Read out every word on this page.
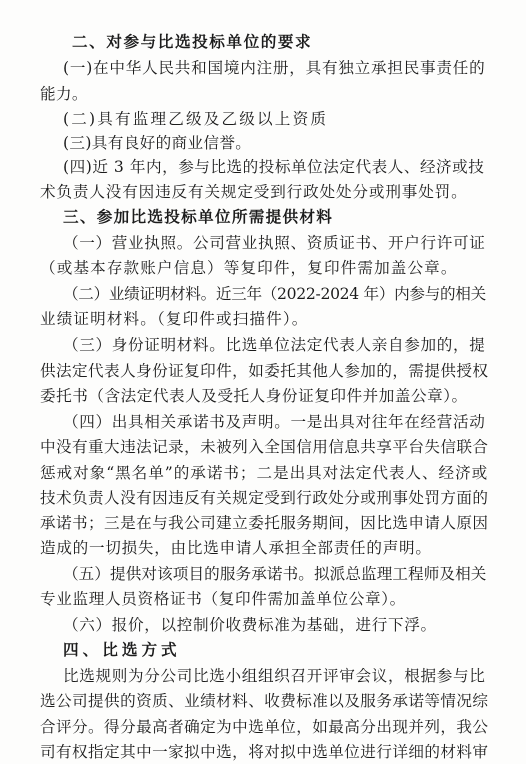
二、对参与比选投标单位的要求
(一)在中华人民共和国境内注册，具有独立承担民事责任的
能力。
(二)具有监理乙级及乙级以上资质
(三)具有良好的商业信誉。
(四)近 3 年内，参与比选的投标单位法定代表人、经济或技
术负责人没有因违反有关规定受到行政处处分或刑事处罚。
三、参加比选投标单位所需提供材料
（一）营业执照。公司营业执照、资质证书、开户行许可证
（或基本存款账户信息）等复印件，复印件需加盖公章。
（二）业绩证明材料。近三年（2022-2024 年）内参与的相关
业绩证明材料。（复印件或扫描件）。
（三）身份证明材料。比选单位法定代表人亲自参加的，提
供法定代表人身份证复印件，如委托其他人参加的，需提供授权
委托书（含法定代表人及受托人身份证复印件并加盖公章）。
（四）出具相关承诺书及声明。一是出具对往年在经营活动
中没有重大违法记录，未被列入全国信用信息共享平台失信联合
惩戒对象“黑名单”的承诺书；二是出具对法定代表人、经济或
技术负责人没有因违反有关规定受到行政处分或刑事处罚方面的
承诺书；三是在与我公司建立委托服务期间，因比选申请人原因
造成的一切损失，由比选申请人承担全部责任的声明。
（五）提供对该项目的服务承诺书。拟派总监理工程师及相关
专业监理人员资格证书（复印件需加盖单位公章）。
（六）报价，以控制价收费标准为基础，进行下浮。
四、比选方式
比选规则为分公司比选小组组织召开评审会议，根据参与比
选公司提供的资质、业绩材料、收费标准以及服务承诺等情况综
合评分。得分最高者确定为中选单位，如最高分出现并列，我公
司有权指定其中一家拟中选，将对拟中选单位进行详细的材料审
